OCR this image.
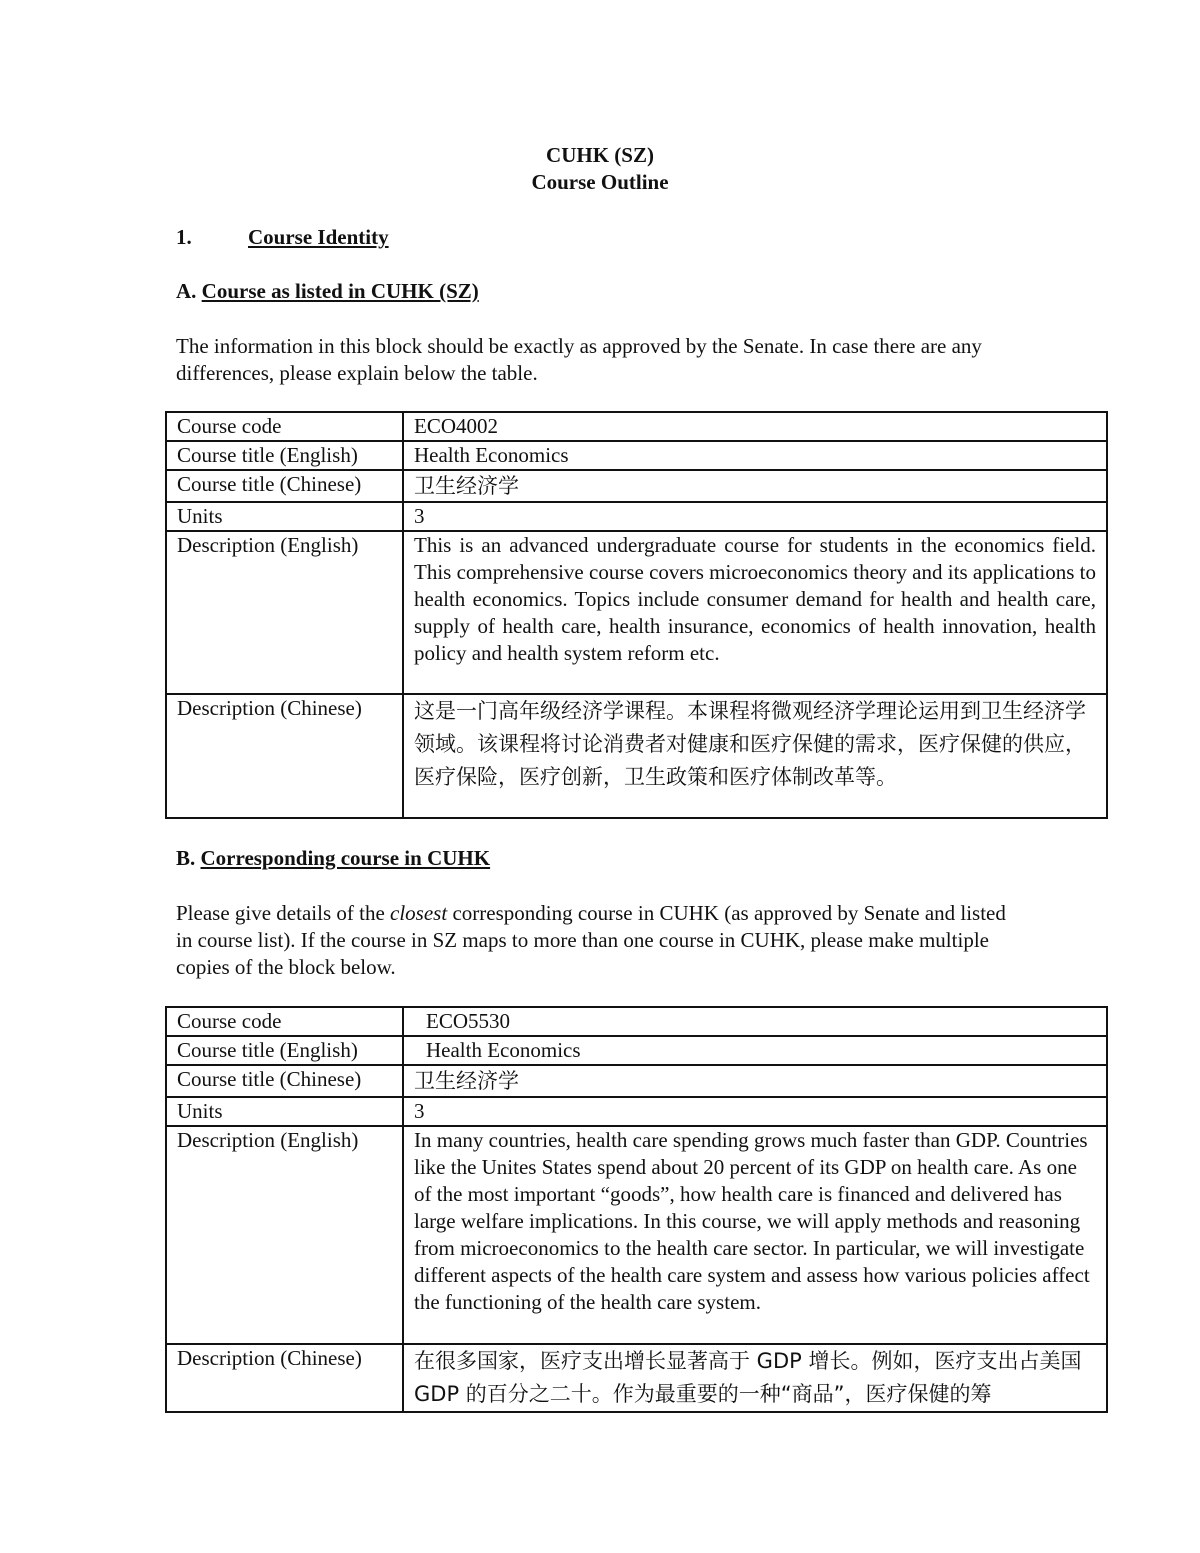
CUHK (SZ)
Course Outline
1.	Course Identity
A. Course as listed in CUHK (SZ)
The information in this block should be exactly as approved by the Senate. In case there are any differences, please explain below the table.
Course code	ECO4002
Course title (English)	Health Economics
Course title (Chinese)	卫生经济学
Units	3
Description (English)	This is an advanced undergraduate course for students in the economics field. This comprehensive course covers microeconomics theory and its applications to health economics. Topics include consumer demand for health and health care, supply of health care, health insurance, economics of health innovation, health policy and health system reform etc.
Description (Chinese)	这是一门高年级经济学课程。本课程将微观经济学理论运用到卫生经济学领域。该课程将讨论消费者对健康和医疗保健的需求，医疗保健的供应，医疗保险，医疗创新，卫生政策和医疗体制改革等。
B. Corresponding course in CUHK
Please give details of the closest corresponding course in CUHK (as approved by Senate and listed in course list). If the course in SZ maps to more than one course in CUHK, please make multiple copies of the block below.
Course code	ECO5530
Course title (English)	Health Economics
Course title (Chinese)	卫生经济学
Units	3
Description (English)	In many countries, health care spending grows much faster than GDP. Countries like the Unites States spend about 20 percent of its GDP on health care. As one of the most important “goods”, how health care is financed and delivered has large welfare implications. In this course, we will apply methods and reasoning from microeconomics to the health care sector. In particular, we will investigate different aspects of the health care system and assess how various policies affect the functioning of the health care system.
Description (Chinese)	在很多国家，医疗支出增长显著高于 GDP 增长。例如，医疗支出占美国 GDP 的百分之二十。作为最重要的一种“商品”，医疗保健的筹
